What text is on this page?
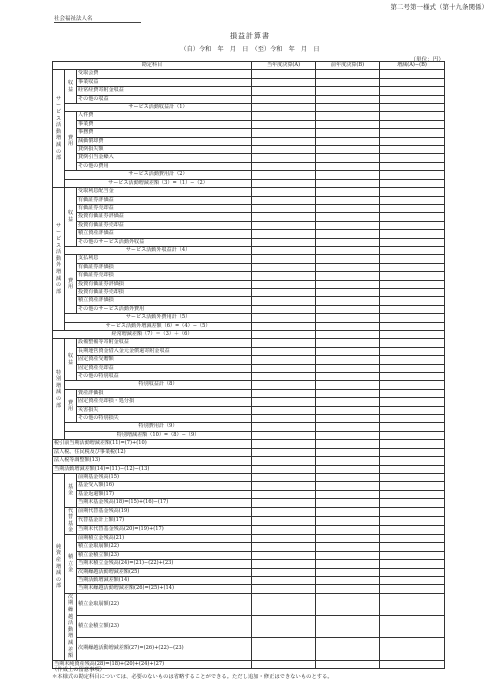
第二号第一様式（第十九条関係）
社会福祉法人名
損益計算書
（自）令和　年　月　日　（至）令和　年　月　日
（単位：円）
勘定科目			当年度決算(A)	前年度決算(B)	増減(A)−(B)
サービス活動増減の部	収益	受取会費			
		事業収益			
		経常経費寄附金収益			
		その他の収益			
	サービス活動収益計（1）				
	費用	人件費			
		事業費			
		事務費			
		減価償却費			
		貸倒損失額			
		貸倒引当金繰入			
		その他の費用			
	サービス活動費用計（2）				
	サービス活動増減差額（3）=（1）−（2）				
サービス活動外増減の部	収益	受取利息配当金			
		有価証券評価益			
		有価証券売却益			
		投資有価証券評価益			
		投資有価証券売却益			
		積立資産評価益			
		その他のサービス活動外収益			
	サービス活動外収益計（4）				
	費用	支払利息			
		有価証券評価損			
		有価証券売却損			
		投資有価証券評価損			
		投資有価証券売却損			
		積立資産評価損			
		その他のサービス活動外費用			
	サービス活動外費用計（5）				
	サービス活動外増減差額（6）=（4）−（5）				
経常増減差額（7）＝（3）＋（6）					
特別増減の部	収益	設備整備等寄附金収益			
		長期運営資金借入金元金償還寄附金収益			
		固定資産受贈額			
		固定資産売却益			
		その他の特別収益			
	特別収益計（8）				
	費用	資産評価損			
		固定資産売却損・処分損			
		災害損失			
		その他の特別損失			
	特別費用計（9）				
	特別増減差額（10）=（8）−（9）				
税引前当期活動増減差額(11)=(7)+(10)					
法人税、住民税及び事業税(12)					
法人税等調整額(13)					
当期活動増減差額(14)=(11)−(12)−(13)					
純資産増減の部	基金	前期基金残高(15)			
		基金受入額(16)			
		基金返還額(17)			
		当期末基金残高(18)=(15)+(16)−(17)			
	代替基金	前期代替基金残高(19)			
		代替基金計上額(17)			
		当期末代替基金残高(20)=(19)+(17)			
	積立金	前期積立金残高(21)			
		積立金取崩額(22)			
		積立金積立額(23)			
		当期末積立金残高(24)=(21)−(22)+(23)			
		次期繰越活動増減差額(25)			
		当期活動増減差額(14)			
		当期末繰越活動増減差額(26)=(25)+(14)			
	次期繰越活動増減差額	積立金取崩額(22)			
		積立金積立額(23)			
		次期繰越活動増減差額(27)=(26)+(22)−(23)			
当期末純資産残高(28)=(18)+(20)+(24)+(27)					
（作成上の留意事項）
＊本様式の勘定科目については、必要のないものは省略することができる。ただし追加・修正はできないものとする。
